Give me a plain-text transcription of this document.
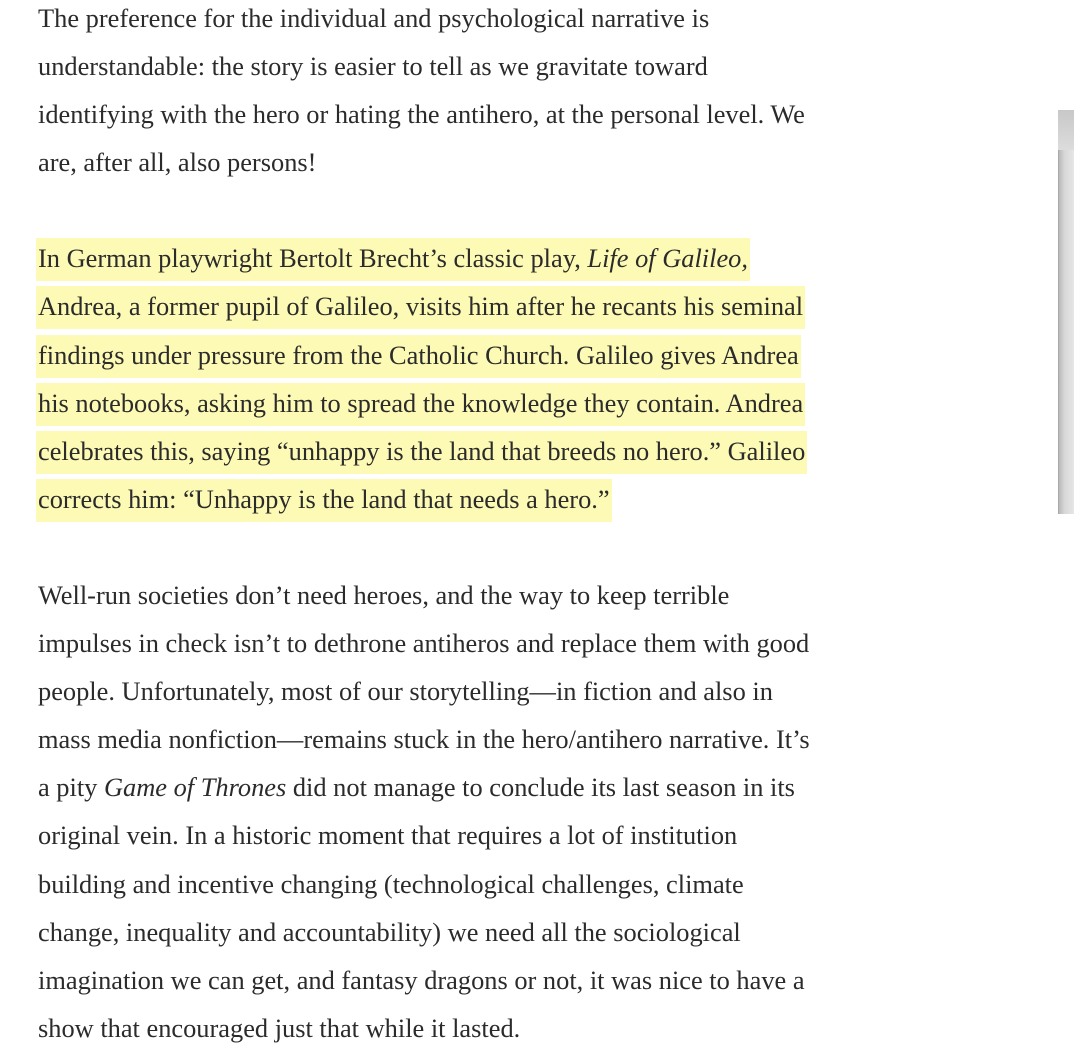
The preference for the individual and psychological narrative is
understandable: the story is easier to tell as we gravitate toward
identifying with the hero or hating the antihero, at the personal level. We
are, after all, also persons!

In German playwright Bertolt Brecht’s classic play, Life of Galileo,
Andrea, a former pupil of Galileo, visits him after he recants his seminal
findings under pressure from the Catholic Church. Galileo gives Andrea
his notebooks, asking him to spread the knowledge they contain. Andrea
celebrates this, saying “unhappy is the land that breeds no hero.” Galileo
corrects him: “Unhappy is the land that needs a hero.”

Well-run societies don’t need heroes, and the way to keep terrible
impulses in check isn’t to dethrone antiheros and replace them with good
people. Unfortunately, most of our storytelling—in fiction and also in
mass media nonfiction—remains stuck in the hero/antihero narrative. It’s
a pity Game of Thrones did not manage to conclude its last season in its
original vein. In a historic moment that requires a lot of institution
building and incentive changing (technological challenges, climate
change, inequality and accountability) we need all the sociological
imagination we can get, and fantasy dragons or not, it was nice to have a
show that encouraged just that while it lasted.
